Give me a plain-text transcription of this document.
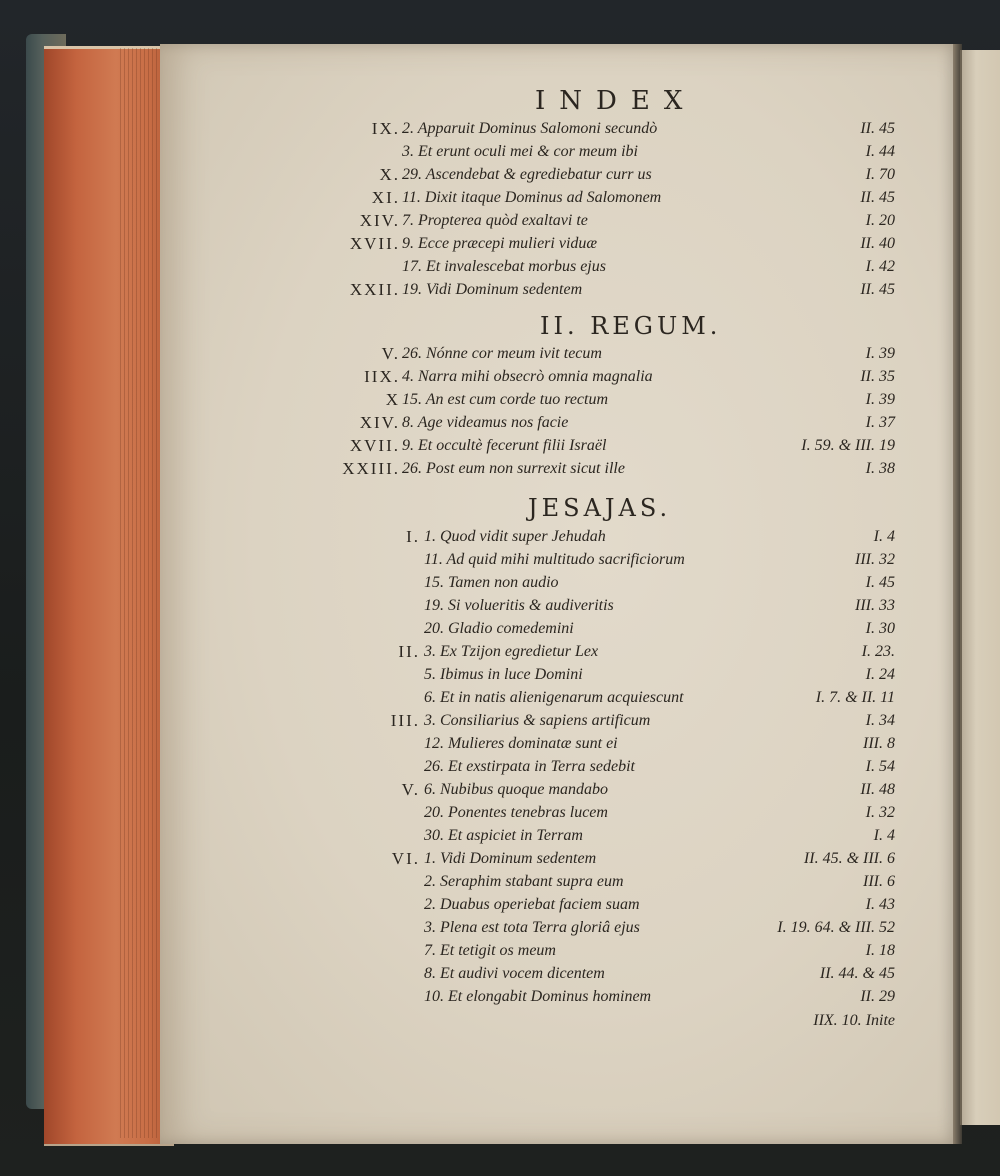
INDEX
IX. 2. Apparuit Dominus Salomoni secundò	II. 45
3. Et erunt oculi mei & cor meum ibi	I. 44
X. 29. Ascendebat & egrediebatur curr us	I. 70
XI. 11. Dixit itaque Dominus ad Salomonem	II. 45
XIV. 7. Propterea quòd exaltavi te	I. 20
XVII. 9. Ecce præcepi mulieri viduæ	II. 40
17. Et invalescebat morbus ejus	I. 42
XXII. 19. Vidi Dominum sedentem	II. 45
II. REGUM.
V. 26. Nónne cor meum ivit tecum	I. 39
IIX. 4. Narra mihi obsecrò omnia magnalia	II. 35
X 15. An est cum corde tuo rectum	I. 39
XIV. 8. Age videamus nos facie	I. 37
XVII. 9. Et occultè fecerunt filii Israël	I. 59. & III. 19
XXIII. 26. Post eum non surrexit sicut ille	I. 38
JESAJAS.
I. 1. Quod vidit super Jehudah	I. 4
11. Ad quid mihi multitudo sacrificiorum	III. 32
15. Tamen non audio	I. 45
19. Si volueritis & audiveritis	III. 33
20. Gladio comedemini	I. 30
II. 3. Ex Tzijon egredietur Lex	I. 23.
5. Ibimus in luce Domini	I. 24
6. Et in natis alienigenarum acquiescunt	I. 7. & II. 11
III. 3. Consiliarius & sapiens artificum	I. 34
12. Mulieres dominatæ sunt ei	III. 8
26. Et exstirpata in Terra sedebit	I. 54
V. 6. Nubibus quoque mandabo	II. 48
20. Ponentes tenebras lucem	I. 32
30. Et aspiciet in Terram	I. 4
VI. 1. Vidi Dominum sedentem	II. 45. & III. 6
2. Seraphim stabant supra eum	III. 6
2. Duabus operiebat faciem suam	I. 43
3. Plena est tota Terra gloriâ ejus	I. 19. 64. & III. 52
7. Et tetigit os meum	I. 18
8. Et audivi vocem dicentem	II. 44. & 45
10. Et elongabit Dominus hominem	II. 29
IIX. 10. Inite
